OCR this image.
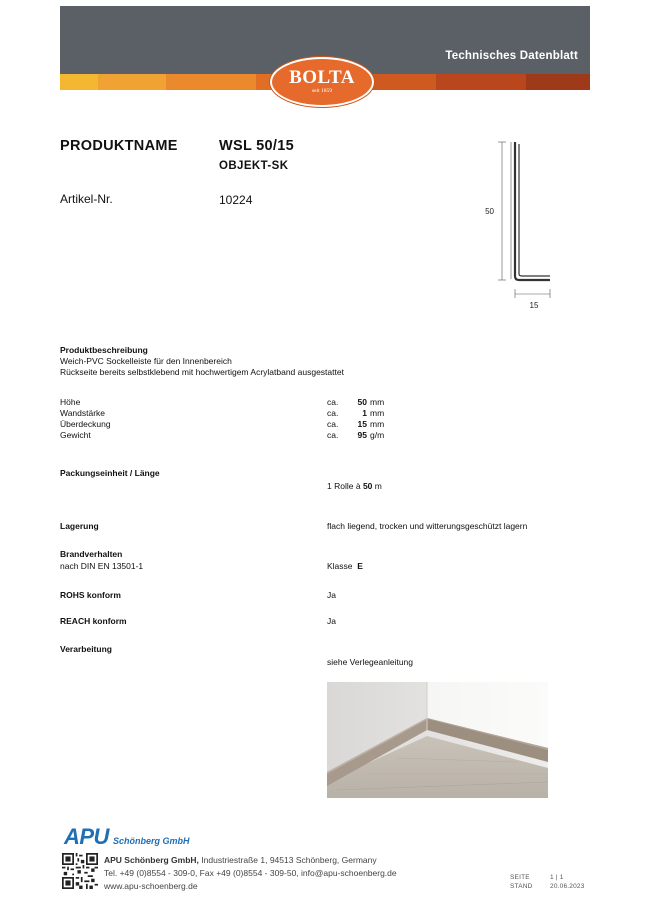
Technisches Datenblatt
BOLTA
seit 1859
PRODUKTNAME	WSL 50/15
OBJEKT-SK
Artikel-Nr.	10224
50
15
Produktbeschreibung
Weich-PVC Sockelleiste für den Innenbereich
Rückseite bereits selbstklebend mit hochwertigem Acrylatband ausgestattet
Höhe	ca. 50 mm
Wandstärke	ca.	1 mm
Überdeckung	ca. 15 mm
Gewicht	ca. 95 g/m
Packungseinheit / Länge
1 Rolle à 50 m
Lagerung	flach liegend, trocken und witterungsgeschützt lagern
Brandverhalten
nach DIN EN 13501-1	Klasse E
ROHS konform	Ja
REACH konform	Ja
Verarbeitung
siehe Verlegeanleitung
APU Schönberg GmbH
APU Schönberg GmbH, Industriestraße 1, 94513 Schönberg, Germany
Tel. +49 (0)8554 - 309-0, Fax +49 (0)8554 - 309-50, info@apu-schoenberg.de
www.apu-schoenberg.de
SEITE	1 | 1
STAND	20.06.2023
